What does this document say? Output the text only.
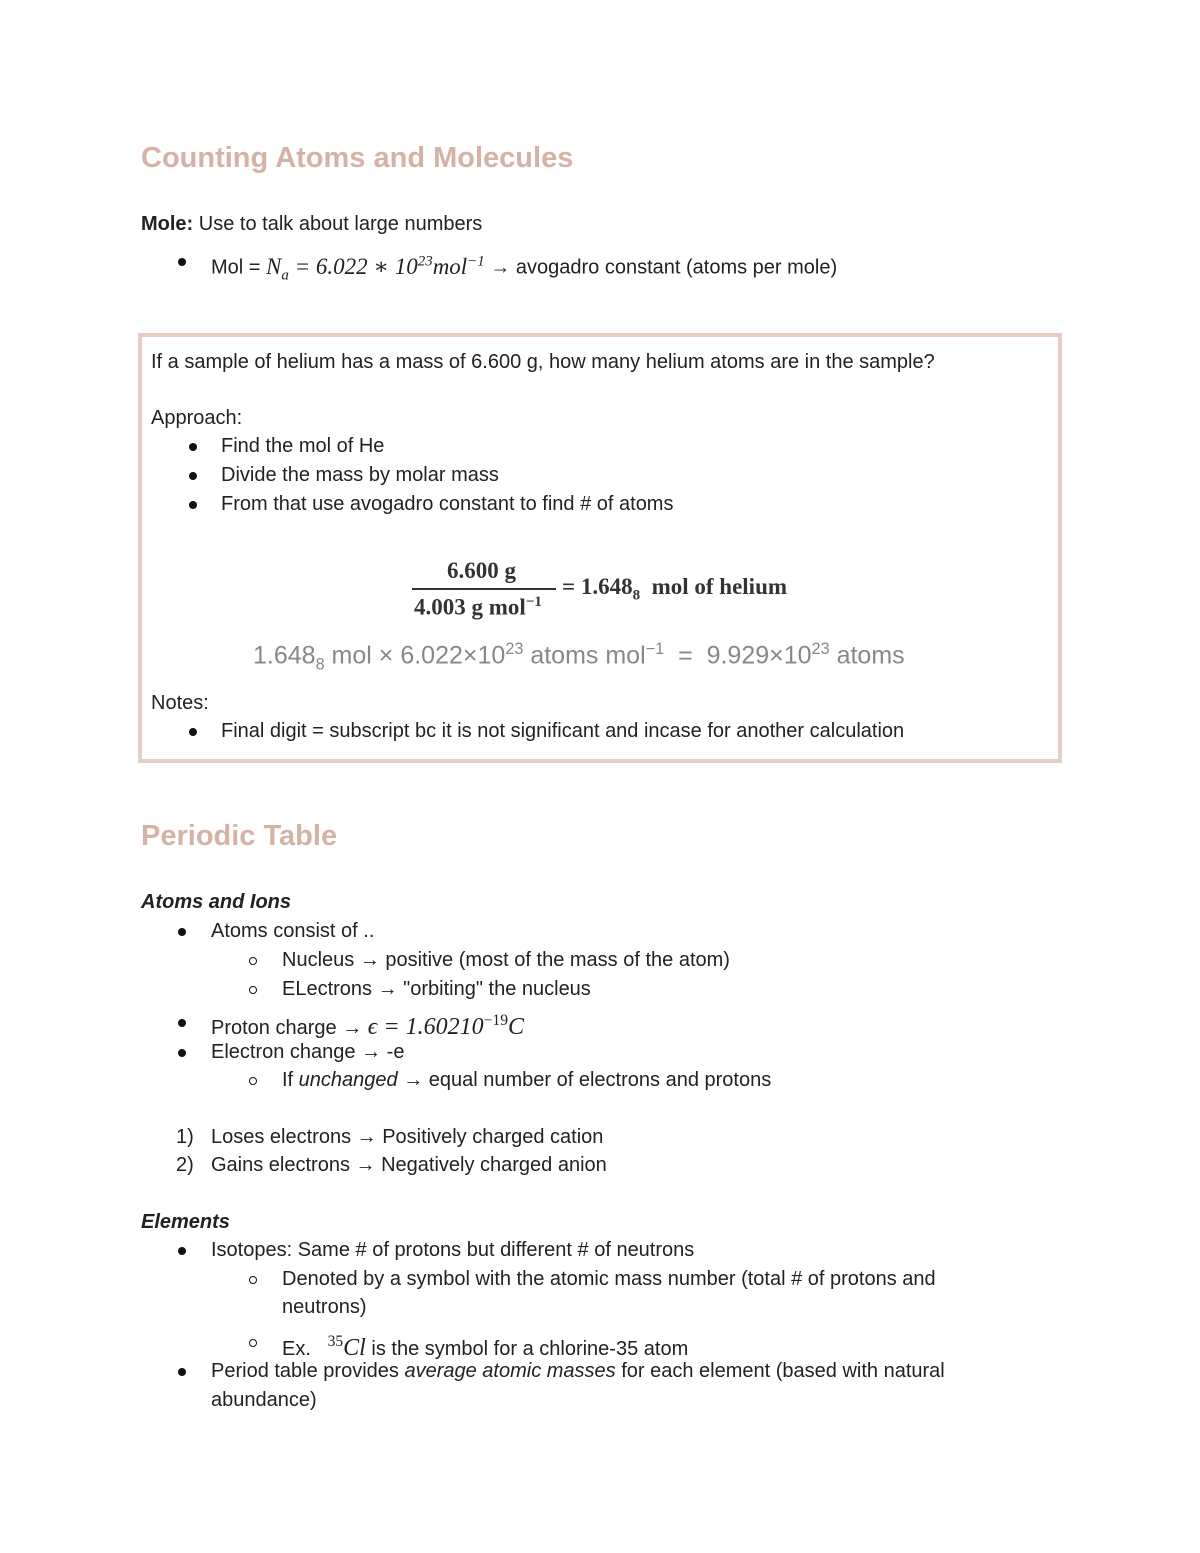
Counting Atoms and Molecules
Mole: Use to talk about large numbers
Mol = $N_a = 6.022$ ∗ $10^{23}mol^{-1}$ → avogadro constant (atoms per mole)
If a sample of helium has a mass of 6.600 g, how many helium atoms are in the sample?
Approach:
Find the mol of He
Divide the mass by molar mass
From that use avogadro constant to find # of atoms
6.600 g
4.003 g mol$^{-1}$
= $1.648_8$ mol of helium
$1.648_8$ mol × $6.022\times 10^{23}$ atoms $mol^{-1} = 9.929\times 10^{23}$ atoms
Notes:
Final digit = subscript bc it is not significant and incase for another calculation
Periodic Table
Atoms and Ions
Atoms consist of ..
Nucleus → positive (most of the mass of the atom)
ELectrons → "orbiting" the nucleus
Proton charge → $\epsilon = 1.60210^{-19}C$
Electron change → -e
If unchanged → equal number of electrons and protons
1) Loses electrons → Positively charged cation
2) Gains electrons → Negatively charged anion
Elements
Isotopes: Same # of protons but different # of neutrons
Denoted by a symbol with the atomic mass number (total # of protons and
neutrons)
Ex.   $^{35}$Cl is the symbol for a chlorine-35 atom
Period table provides average atomic masses for each element (based with natural
abundance)
